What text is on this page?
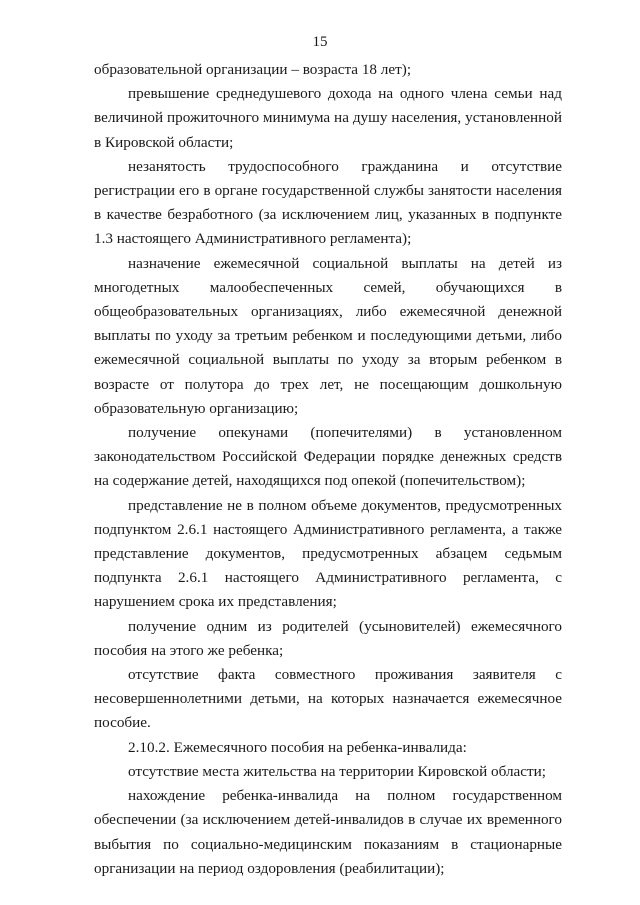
15

образовательной организации – возраста 18 лет);

превышение среднедушевого дохода на одного члена семьи над величиной прожиточного минимума на душу населения, установленной в Кировской области;

незанятость трудоспособного гражданина и отсутствие регистрации его в органе государственной службы занятости населения в качестве безработного (за исключением лиц, указанных в подпункте 1.3 настоящего Административного регламента);

назначение ежемесячной социальной выплаты на детей из многодетных малообеспеченных семей, обучающихся в общеобразовательных организациях, либо ежемесячной денежной выплаты по уходу за третьим ребенком и последующими детьми, либо ежемесячной социальной выплаты по уходу за вторым ребенком в возрасте от полутора до трех лет, не посещающим дошкольную образовательную организацию;

получение опекунами (попечителями) в установленном законодательством Российской Федерации порядке денежных средств на содержание детей, находящихся под опекой (попечительством);

представление не в полном объеме документов, предусмотренных подпунктом 2.6.1 настоящего Административного регламента, а также представление документов, предусмотренных абзацем седьмым подпункта 2.6.1 настоящего Административного регламента, с нарушением срока их представления;

получение одним из родителей (усыновителей) ежемесячного пособия на этого же ребенка;

отсутствие факта совместного проживания заявителя с несовершеннолетними детьми, на которых назначается ежемесячное пособие.

2.10.2. Ежемесячного пособия на ребенка-инвалида:

отсутствие места жительства на территории Кировской области;

нахождение ребенка-инвалида на полном государственном обеспечении (за исключением детей-инвалидов в случае их временного выбытия по социально-медицинским показаниям в стационарные организации на период оздоровления (реабилитации);
